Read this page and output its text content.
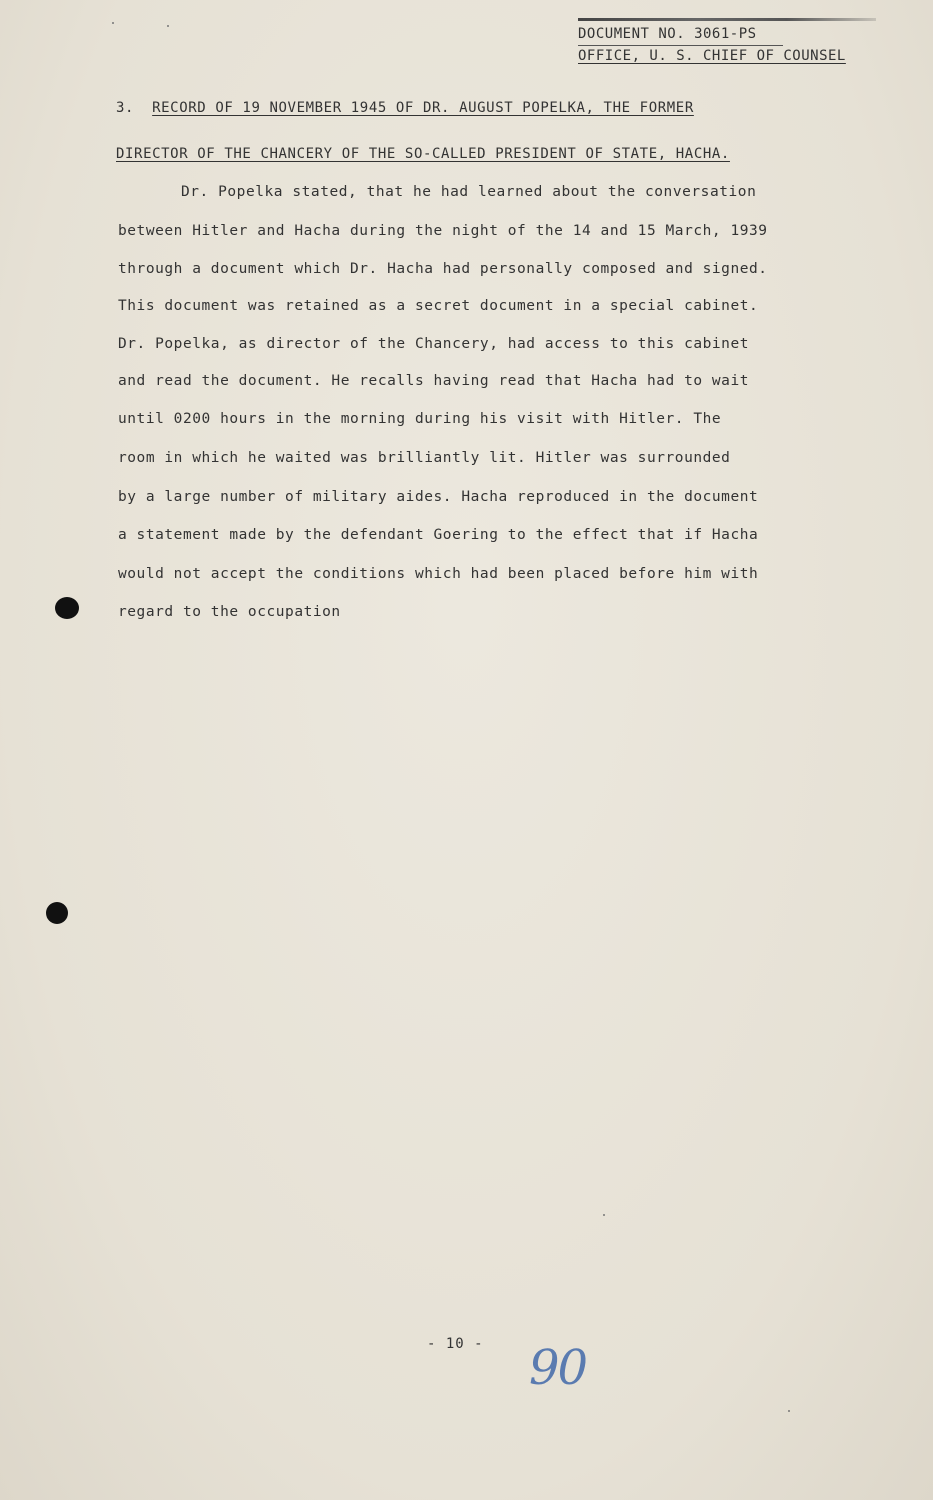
DOCUMENT NO. 3061-PS
OFFICE, U. S. CHIEF OF COUNSEL
3. RECORD OF 19 NOVEMBER 1945 OF DR. AUGUST POPELKA, THE FORMER
DIRECTOR OF THE CHANCERY OF THE SO-CALLED PRESIDENT OF STATE, HACHA.
Dr. Popelka stated, that he had learned about the conversation
between Hitler and Hacha during the night of the 14 and 15 March, 1939
through a document which Dr. Hacha had personally composed and signed.
This document was retained as a secret document in a special cabinet.
Dr. Popelka, as director of the Chancery, had access to this cabinet
and read the document. He recalls having read that Hacha had to wait
until 0200 hours in the morning during his visit with Hitler. The
room in which he waited was brilliantly lit. Hitler was surrounded
by a large number of military aides. Hacha reproduced in the document
a statement made by the defendant Goering to the effect that if Hacha
would not accept the conditions which had been placed before him with
regard to the occupation
- 10 - 90
